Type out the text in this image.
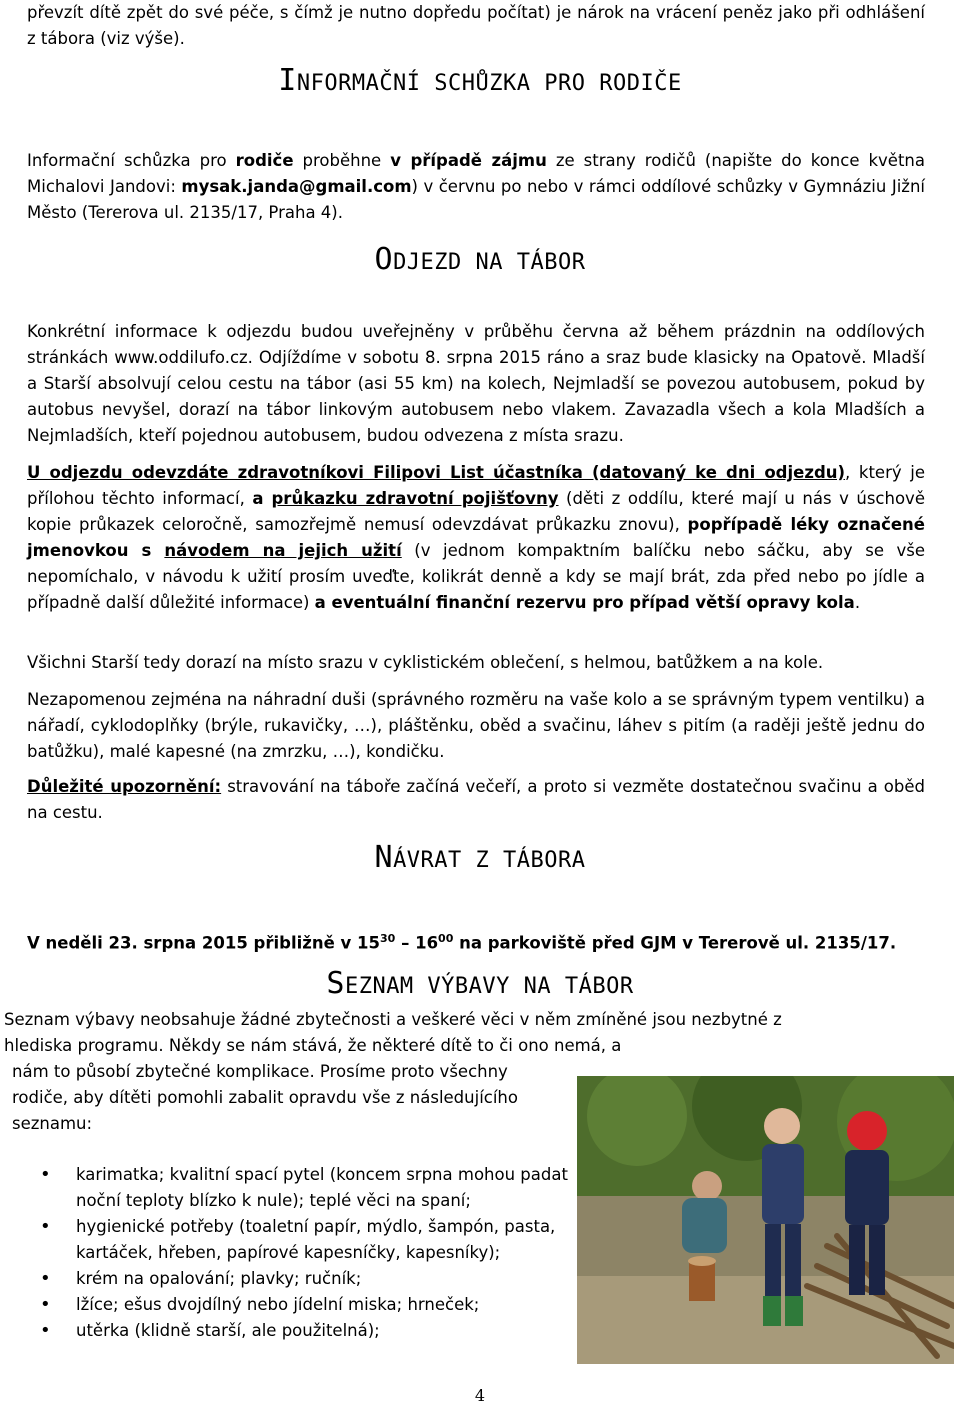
převzít dítě zpět do své péče, s čímž je nutno dopředu počítat) je nárok na vrácení peněz jako při odhlášení z tábora (viz výše).

INFORMAČNÍ SCHŮZKA PRO RODIČE

Informační schůzka pro rodiče proběhne v případě zájmu ze strany rodičů (napište do konce května Michalovi Jandovi: mysak.janda@gmail.com) v červnu po nebo v rámci oddílové schůzky v Gymnáziu Jižní Město (Tererova ul. 2135/17, Praha 4).

ODJEZD NA TÁBOR

Konkrétní informace k odjezdu budou uveřejněny v průběhu června až během prázdnin na oddílových stránkách www.oddilufo.cz. Odjíždíme v sobotu 8. srpna 2015 ráno a sraz bude klasicky na Opatově. Mladší a Starší absolvují celou cestu na tábor (asi 55 km) na kolech, Nejmladší se povezou autobusem, pokud by autobus nevyšel, dorazí na tábor linkovým autobusem nebo vlakem. Zavazadla všech a kola Mladších a Nejmladších, kteří pojednou autobusem, budou odvezena z místa srazu.

U odjezdu odevzdáte zdravotníkovi Filipovi List účastníka (datovaný ke dni odjezdu), který je přílohou těchto informací, a průkazku zdravotní pojišťovny (děti z oddílu, které mají u nás v úschově kopie průkazek celoročně, samozřejmě nemusí odevzdávat průkazku znovu), popřípadě léky označené jmenovkou s návodem na jejich užití (v jednom kompaktním balíčku nebo sáčku, aby se vše nepomíchalo, v návodu k užití prosím uveďte, kolikrát denně a kdy se mají brát, zda před nebo po jídle a případně další důležité informace) a eventuální finanční rezervu pro případ větší opravy kola.

Všichni Starší tedy dorazí na místo srazu v cyklistickém oblečení, s helmou, batůžkem a na kole.

Nezapomenou zejména na náhradní duši (správného rozměru na vaše kolo a se správným typem ventilku) a nářadí, cyklodoplňky (brýle, rukavičky, …), pláštěnku, oběd a svačinu, láhev s pitím (a raději ještě jednu do batůžku), malé kapesné (na zmrzku, …), kondičku.

Důležité upozornění: stravování na táboře začíná večeří, a proto si vezměte dostatečnou svačinu a oběd na cestu.

NÁVRAT Z TÁBORA

V neděli 23. srpna 2015 přibližně v $15^{30} - 16^{00}$ na parkoviště před GJM v Tererově ul. 2135/17.

SEZNAM VÝBAVY NA TÁBOR

Seznam výbavy neobsahuje žádné zbytečnosti a veškeré věci v něm zmíněné jsou nezbytné z

hlediska programu. Někdy se nám stává, že některé dítě to či ono nemá, a

nám to působí zbytečné komplikace. Prosíme proto všechny

rodiče, aby dítěti pomohli zabalit opravdu vše z následujícího

seznamu:

• karimatka; kvalitní spací pytel (koncem srpna mohou padat noční teploty blízko k nule); teplé věci na spaní;
• hygienické potřeby (toaletní papír, mýdlo, šampón, pasta, kartáček, hřeben, papírové kapesníčky, kapesníky);
• krém na opalování; plavky; ručník;
• lžíce; ešus dvojdílný nebo jídelní miska; hrneček;
• utěrka (klidně starší, ale použitelná);
4
